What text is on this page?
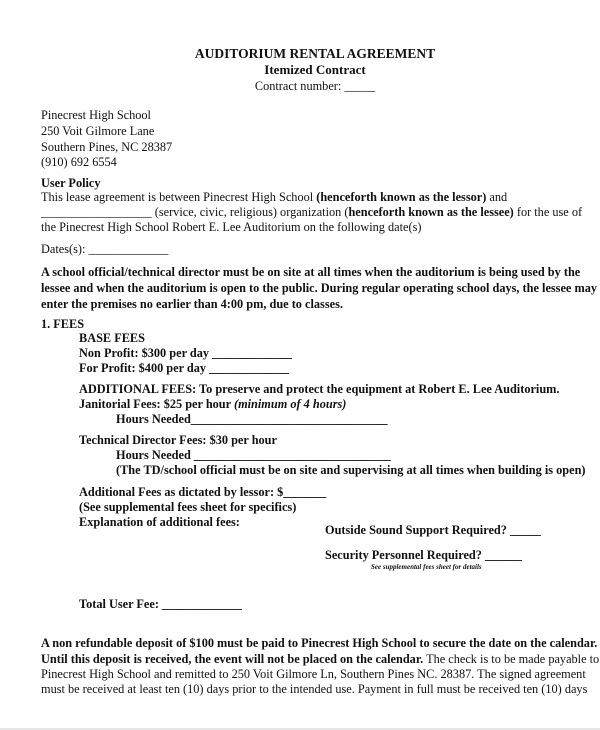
AUDITORIUM RENTAL AGREEMENT
Itemized Contract
Contract number: _____
Pinecrest High School
250 Voit Gilmore Lane
Southern Pines, NC 28387
(910) 692 6554
User Policy
This lease agreement is between Pinecrest High School (henceforth known as the lessor) and
__________________ (service, civic, religious) organization (henceforth known as the lessee) for the use of
the Pinecrest High School Robert E. Lee Auditorium on the following date(s)
Dates(s): _____________
A school official/technical director must be on site at all times when the auditorium is being used by the
lessee and when the auditorium is open to the public. During regular operating school days, the lessee may
enter the premises no earlier than 4:00 pm, due to classes.
1. FEES
BASE FEES
Non Profit: $300 per day _____________
For Profit: $400 per day _____________
ADDITIONAL FEES: To preserve and protect the equipment at Robert E. Lee Auditorium.
Janitorial Fees: $25 per hour (minimum of 4 hours)
Hours Needed________________________________
Technical Director Fees: $30 per hour
Hours Needed ________________________________
(The TD/school official must be on site and supervising at all times when building is open)
Additional Fees as dictated by lessor: $_______
(See supplemental fees sheet for specifics)
Explanation of additional fees:
Outside Sound Support Required? _____
Security Personnel Required? ______
See supplemental fees sheet for details
Total User Fee: _____________
A non refundable deposit of $100 must be paid to Pinecrest High School to secure the date on the calendar.
Until this deposit is received, the event will not be placed on the calendar. The check is to be made payable to
Pinecrest High School and remitted to 250 Voit Gilmore Ln, Southern Pines NC. 28387. The signed agreement
must be received at least ten (10) days prior to the intended use. Payment in full must be received ten (10) days
